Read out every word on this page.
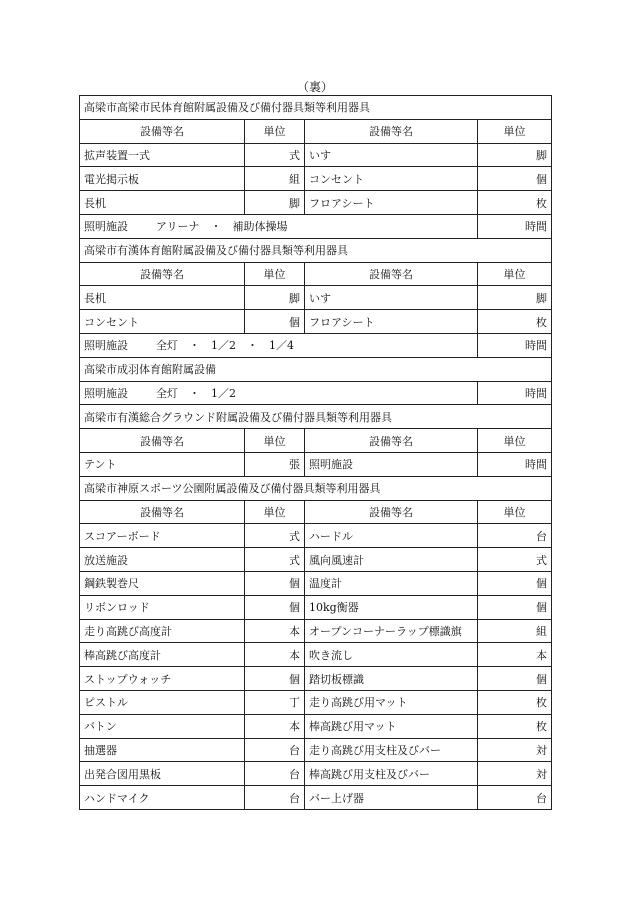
（裏）
高梁市高梁市民体育館附属設備及び備付器具類等利用器具			
設備等名	単位	設備等名	単位
拡声装置一式	式	いす	脚
電光掲示板	組	コンセント	個
長机	脚	フロアシート	枚
照明施設 アリーナ　・　補助体操場			時間
高梁市有漢体育館附属設備及び備付器具類等利用器具			
設備等名	単位	設備等名	単位
長机	脚	いす	脚
コンセント	個	フロアシート	枚
照明施設 全灯　・　1／2　・　1／4			時間
高梁市成羽体育館附属設備			
照明施設 全灯　・　1／2			時間
高梁市有漢総合グラウンド附属設備及び備付器具類等利用器具			
設備等名	単位	設備等名	単位
テント	張	照明施設	時間
高梁市神原スポーツ公園附属設備及び備付器具類等利用器具			
設備等名	単位	設備等名	単位
スコアーボード	式	ハードル	台
放送施設	式	風向風速計	式
鋼鉄製巻尺	個	温度計	個
リボンロッド	個	10kg衡器	個
走り高跳び高度計	本	オープンコーナーラップ標識旗	組
棒高跳び高度計	本	吹き流し	本
ストップウォッチ	個	踏切板標識	個
ピストル	丁	走り高跳び用マット	枚
バトン	本	棒高跳び用マット	枚
抽選器	台	走り高跳び用支柱及びバー	対
出発合図用黒板	台	棒高跳び用支柱及びバー	対
ハンドマイク	台	バー上げ器	台
